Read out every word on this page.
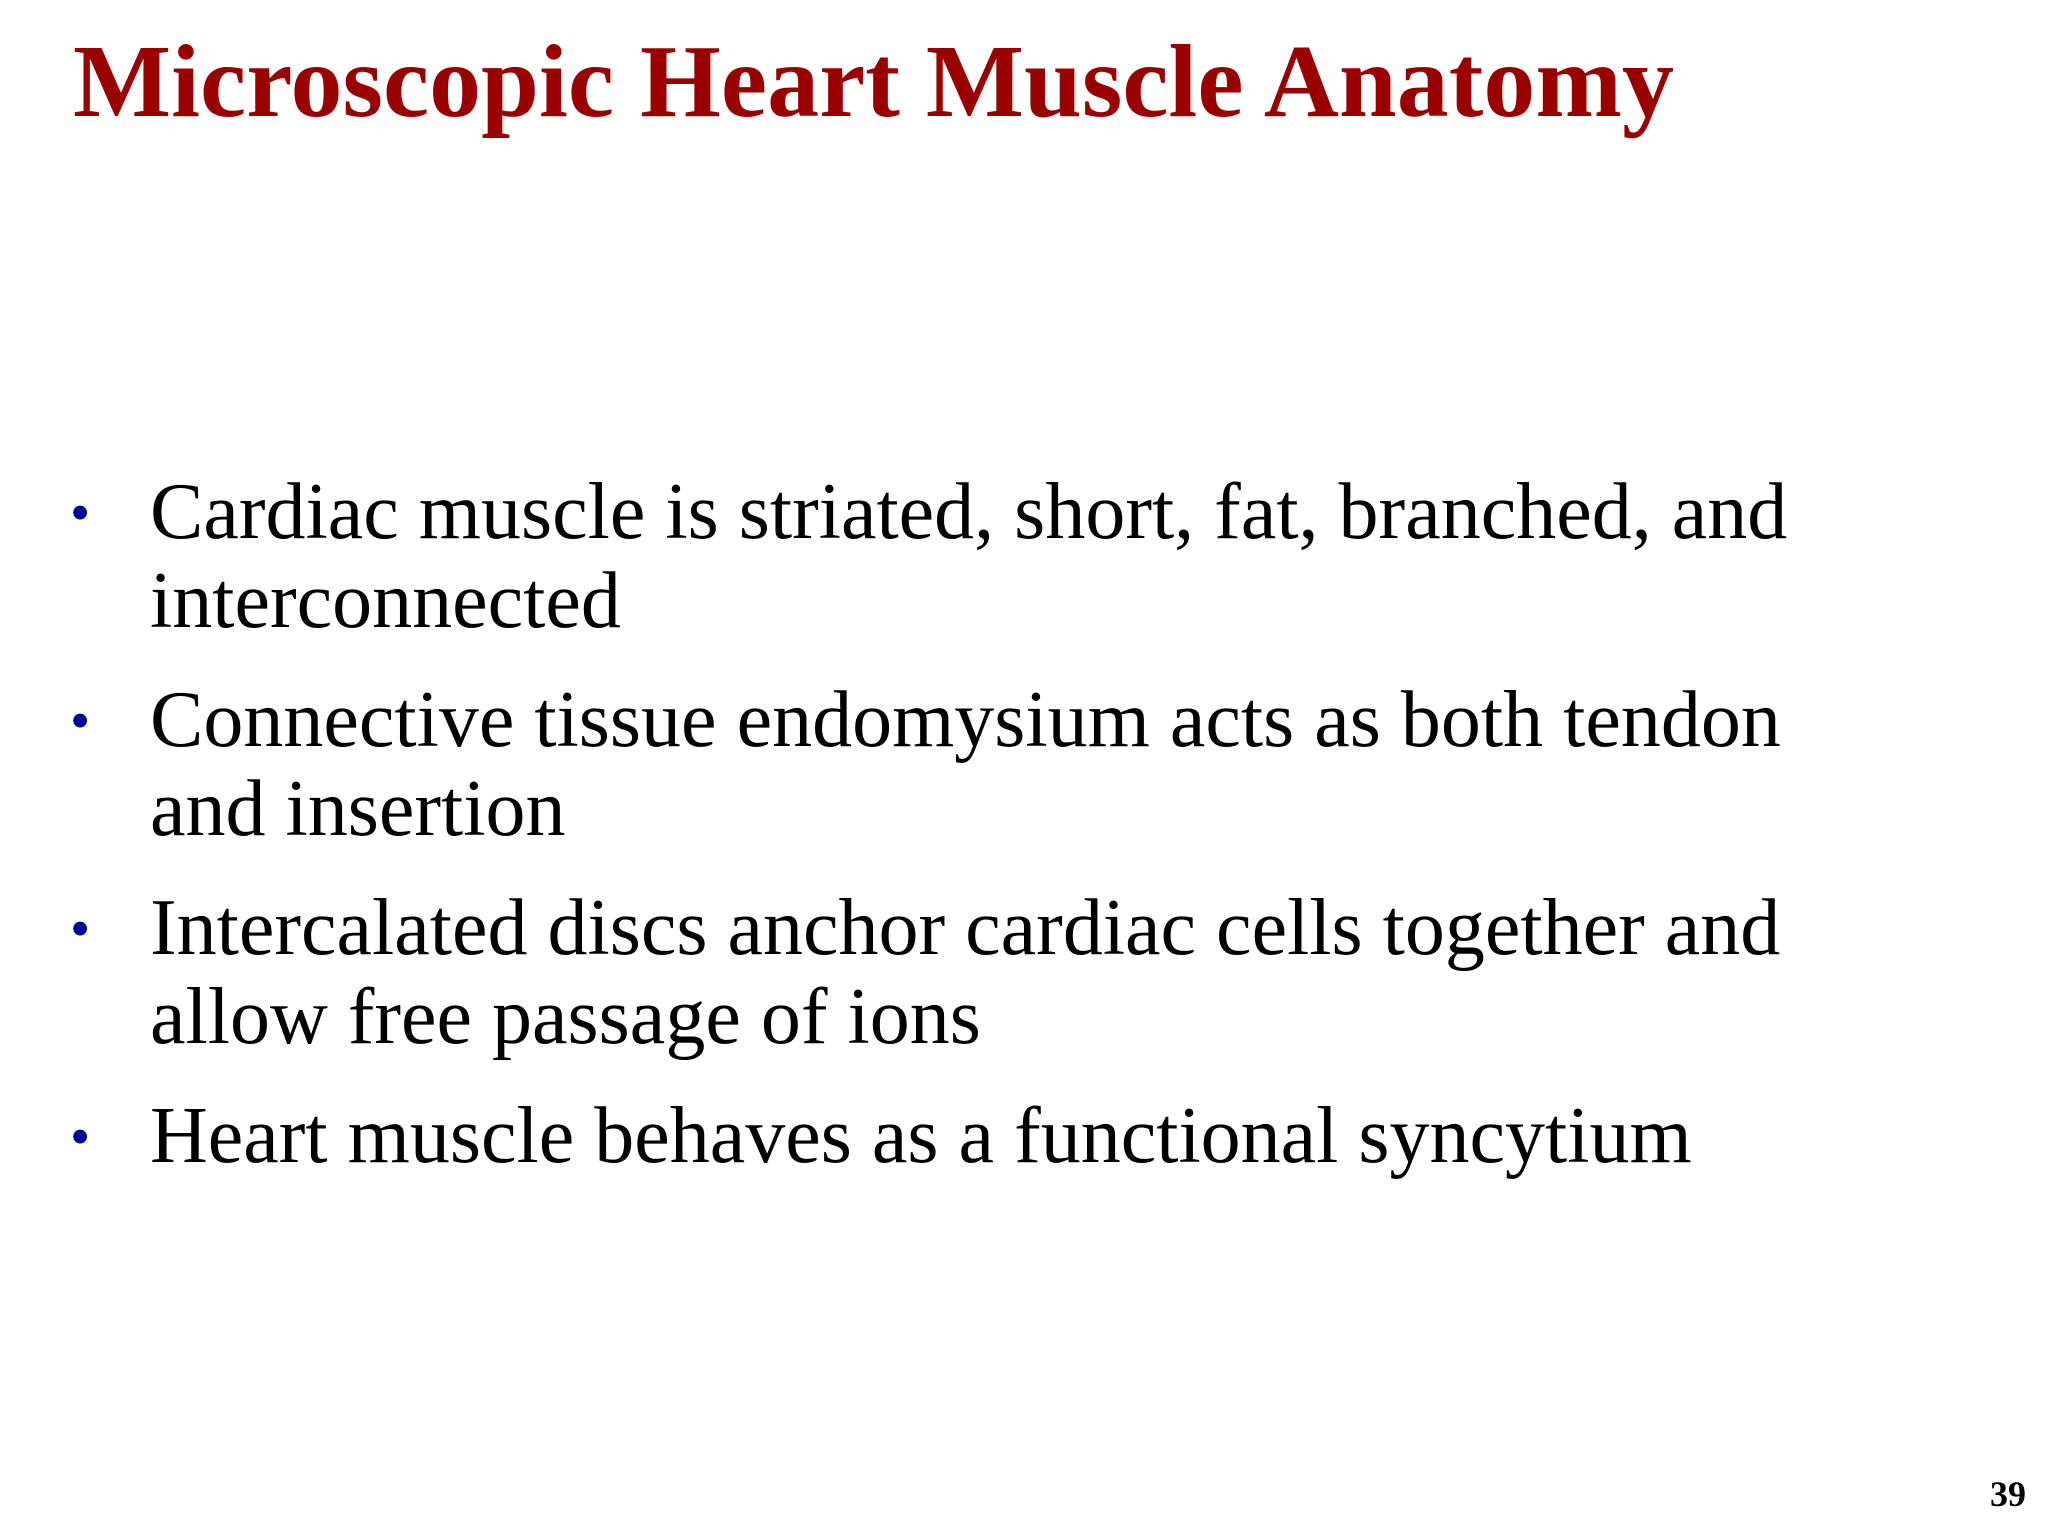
Microscopic Heart Muscle Anatomy
• Cardiac muscle is striated, short, fat, branched, and interconnected
• Connective tissue endomysium acts as both tendon and insertion
• Intercalated discs anchor cardiac cells together and allow free passage of ions
• Heart muscle behaves as a functional syncytium
39
